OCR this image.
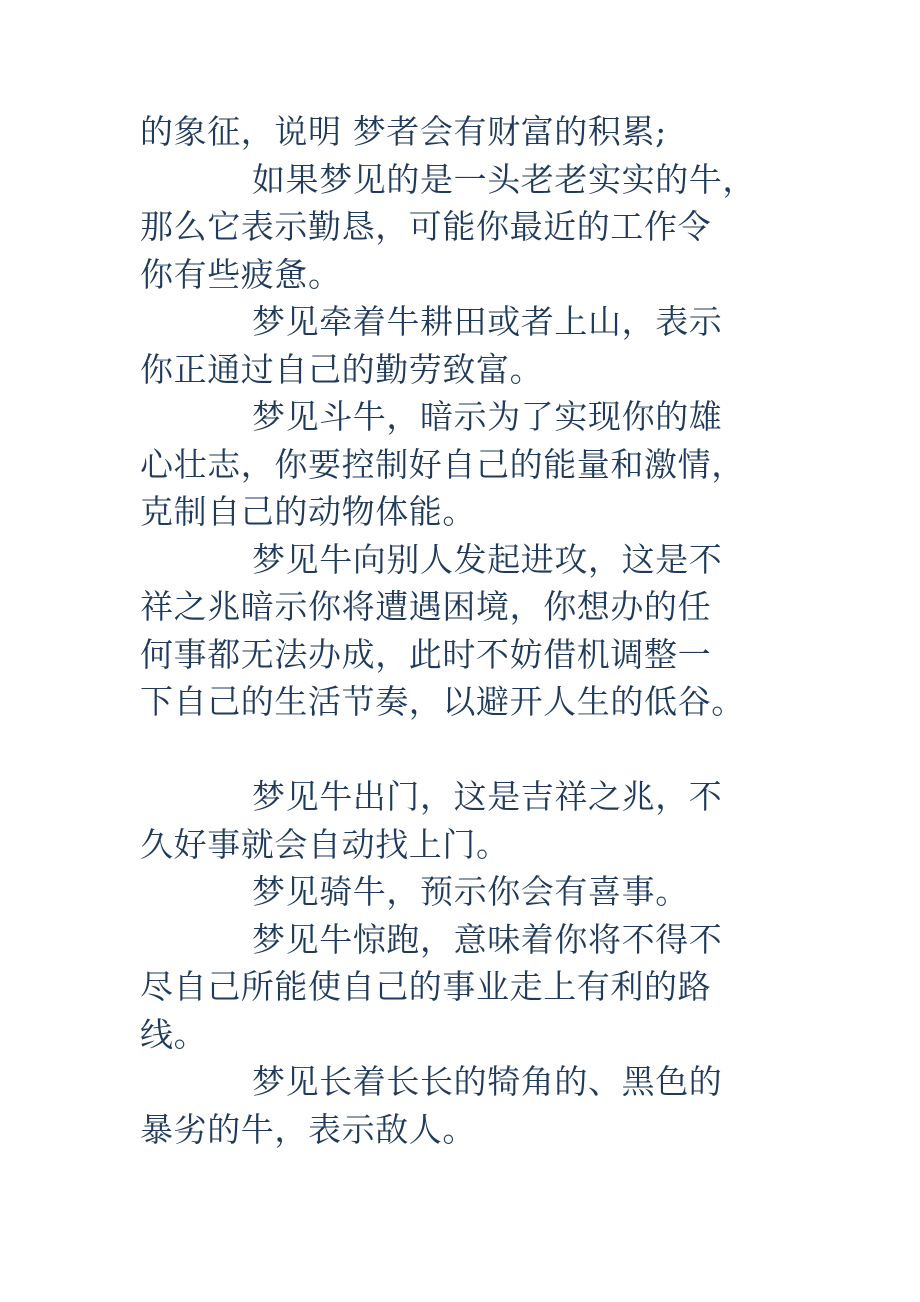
的象征，说明 梦者会有财富的积累;
如果梦见的是一头老老实实的牛，
那么它表示勤恳，可能你最近的工作令
你有些疲惫。
梦见牵着牛耕田或者上山，表示
你正通过自己的勤劳致富。
梦见斗牛，暗示为了实现你的雄
心壮志，你要控制好自己的能量和激情，
克制自己的动物体能。
梦见牛向别人发起进攻，这是不
祥之兆暗示你将遭遇困境，你想办的任
何事都无法办成，此时不妨借机调整一
下自己的生活节奏，以避开人生的低谷。
梦见牛出门，这是吉祥之兆，不
久好事就会自动找上门。
梦见骑牛，预示你会有喜事。
梦见牛惊跑，意味着你将不得不
尽自己所能使自己的事业走上有利的路
线。
梦见长着长长的犄角的、黑色的
暴劣的牛，表示敌人。
